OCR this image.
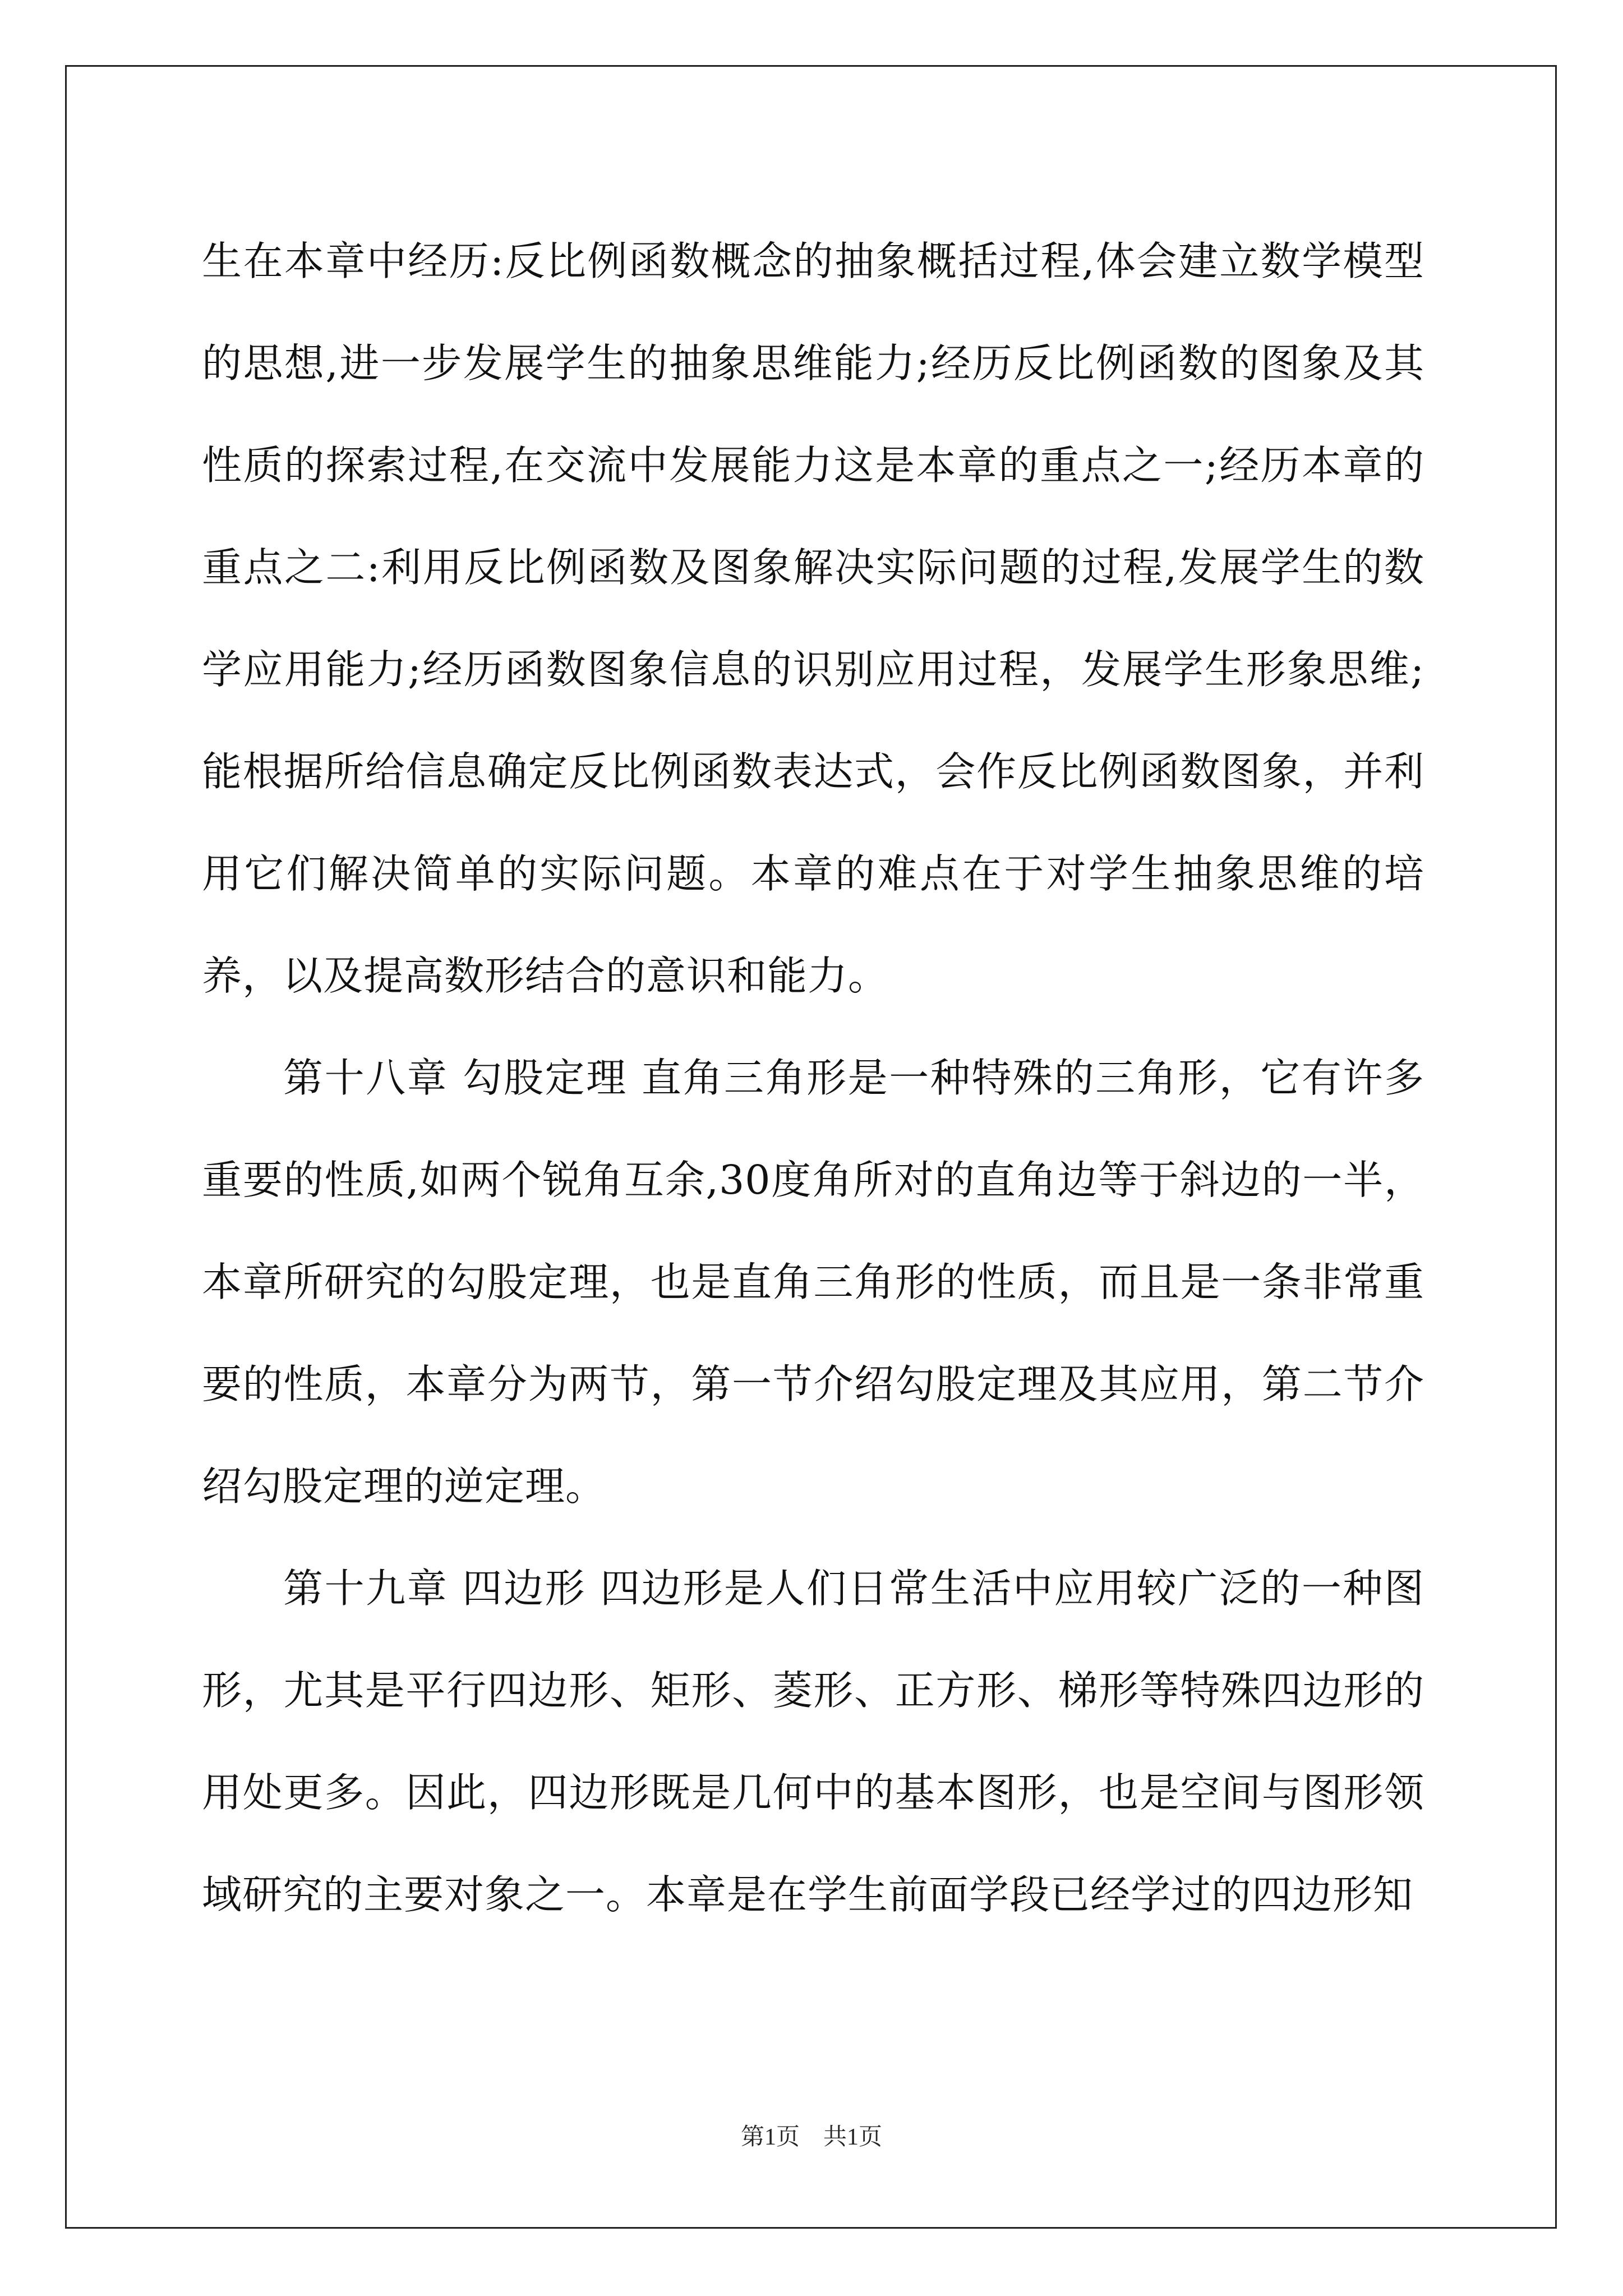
生在本章中经历:反比例函数概念的抽象概括过程,体会建立数学模型的思想,进一步发展学生的抽象思维能力;经历反比例函数的图象及其性质的探索过程,在交流中发展能力这是本章的重点之一;经历本章的重点之二:利用反比例函数及图象解决实际问题的过程,发展学生的数学应用能力;经历函数图象信息的识别应用过程，发展学生形象思维;能根据所给信息确定反比例函数表达式，会作反比例函数图象，并利用它们解决简单的实际问题。本章的难点在于对学生抽象思维的培养，以及提高数形结合的意识和能力。

第十八章 勾股定理 直角三角形是一种特殊的三角形，它有许多重要的性质,如两个锐角互余,30度角所对的直角边等于斜边的一半，本章所研究的勾股定理，也是直角三角形的性质，而且是一条非常重要的性质，本章分为两节，第一节介绍勾股定理及其应用，第二节介绍勾股定理的逆定理。

第十九章 四边形 四边形是人们日常生活中应用较广泛的一种图形，尤其是平行四边形、矩形、菱形、正方形、梯形等特殊四边形的用处更多。因此，四边形既是几何中的基本图形，也是空间与图形领域研究的主要对象之一。本章是在学生前面学段已经学过的四边形知

第1页　共1页
